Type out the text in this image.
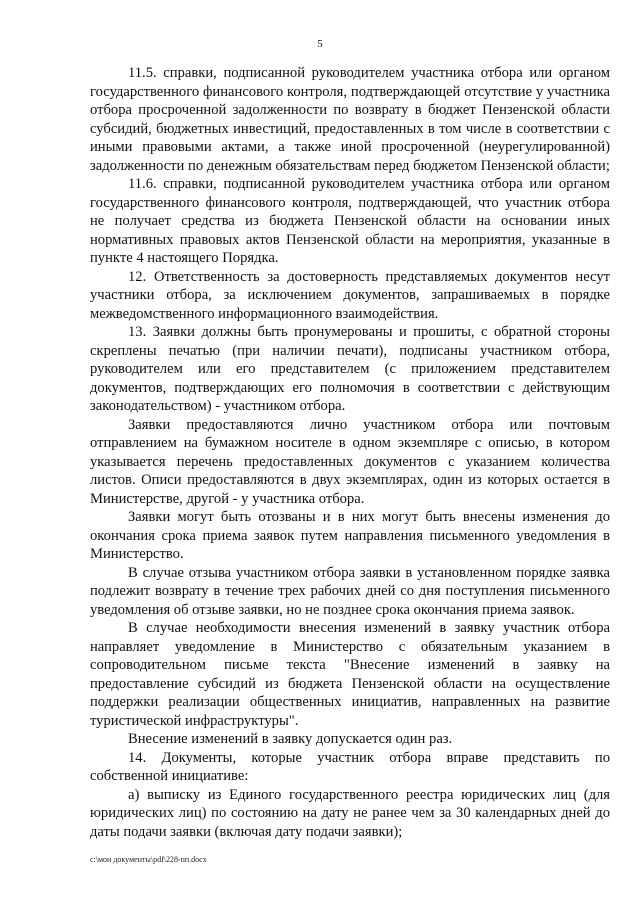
5

11.5. справки, подписанной руководителем участника отбора или органом государственного финансового контроля, подтверждающей отсутствие у участника отбора просроченной задолженности по возврату в бюджет Пензенской области субсидий, бюджетных инвестиций, предоставленных в том числе в соответствии с иными правовыми актами, а также иной просроченной (неурегулированной) задолженности по денежным обязательствам перед бюджетом Пензенской области;

11.6. справки, подписанной руководителем участника отбора или органом государственного финансового контроля, подтверждающей, что участник отбора не получает средства из бюджета Пензенской области на основании иных нормативных правовых актов Пензенской области на мероприятия, указанные в пункте 4 настоящего Порядка.

12. Ответственность за достоверность представляемых документов несут участники отбора, за исключением документов, запрашиваемых в порядке межведомственного информационного взаимодействия.

13. Заявки должны быть пронумерованы и прошиты, с обратной стороны скреплены печатью (при наличии печати), подписаны участником отбора, руководителем или его представителем (с приложением представителем документов, подтверждающих его полномочия в соответствии с действующим законодательством) - участником отбора.

Заявки предоставляются лично участником отбора или почтовым отправлением на бумажном носителе в одном экземпляре с описью, в котором указывается перечень предоставленных документов с указанием количества листов. Описи предоставляются в двух экземплярах, один из которых остается в Министерстве, другой - у участника отбора.

Заявки могут быть отозваны и в них могут быть внесены изменения до окончания срока приема заявок путем направления письменного уведомления в Министерство.

В случае отзыва участником отбора заявки в установленном порядке заявка подлежит возврату в течение трех рабочих дней со дня поступления письменного уведомления об отзыве заявки, но не позднее срока окончания приема заявок.

В случае необходимости внесения изменений в заявку участник отбора направляет уведомление в Министерство с обязательным указанием в сопроводительном письме текста "Внесение изменений в заявку на предоставление субсидий из бюджета Пензенской области на осуществление поддержки реализации общественных инициатив, направленных на развитие туристической инфраструктуры".

Внесение изменений в заявку допускается один раз.

14. Документы, которые участник отбора вправе представить по собственной инициативе:

а) выписку из Единого государственного реестра юридических лиц (для юридических лиц) по состоянию на дату не ранее чем за 30 календарных дней до даты подачи заявки (включая дату подачи заявки);

c:\мои документы\pdf\228-пп.docx
